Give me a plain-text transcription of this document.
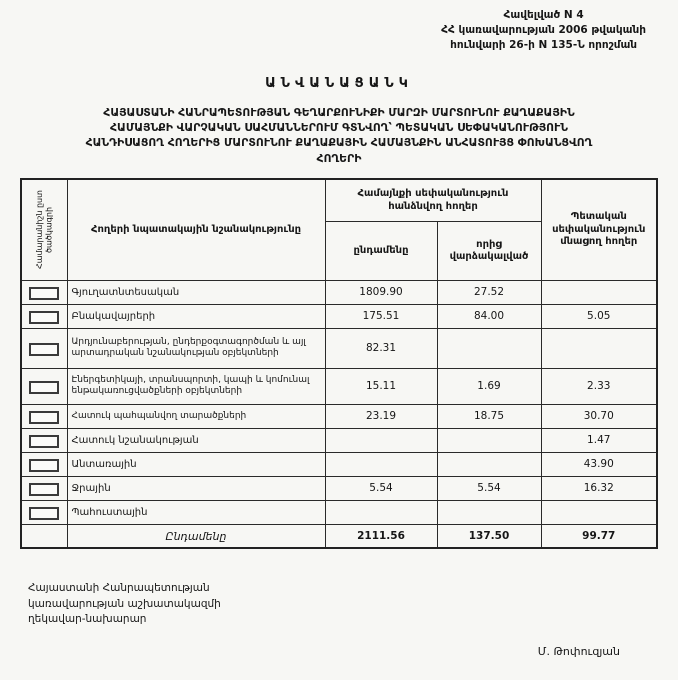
Հավելված N 4
ՀՀ կառավարության 2006 թվականի
հունվարի 26-ի N 135-Ն որոշման
ԱՆՎԱՆԱՑԱՆԿ
ՀԱՅԱՍՏԱՆԻ ՀԱՆՐԱՊԵՏՈՒԹՅԱՆ ԳԵՂԱՐՔՈՒՆԻՔԻ ՄԱՐԶԻ ՄԱՐՏՈՒՆՈՒ ՔԱՂԱՔԱՅԻՆ
ՀԱՄԱՅՆՔԻ ՎԱՐՉԱԿԱՆ ՍԱՀՄԱՆՆԵՐՈՒՄ ԳՏՆՎՈՂ՝ ՊԵՏԱԿԱՆ ՍԵՓԱԿԱՆՈՒԹՅՈՒՆ
ՀԱՆԴԻՍԱՑՈՂ ՀՈՂԵՐԻՑ ՄԱՐՏՈՒՆՈՒ ՔԱՂԱՔԱՅԻՆ ՀԱՄԱՅՆՔԻՆ ԱՆՀԱՏՈՒՅՑ ՓՈԽԱՆՑՎՈՂ
ՀՈՂԵՐԻ
Համարանիշն ըստ ծածկագրի	Հողերի նպատակային նշանակությունը	Համայնքի սեփականություն հանձնվող հողեր		Պետական սեփականություն մնացող հողեր
		ընդամենը	որից վարձակալված	
	Գյուղատնտեսական	1809.90	27.52	
	Բնակավայրերի	175.51	84.00	5.05
	Արդյունաբերության, ընդերքօգտագործման և այլ արտադրական նշանակության օբյեկտների	82.31		
	Էներգետիկայի, տրանսպորտի, կապի և կոմունալ ենթակառուցվածքների օբյեկտների	15.11	1.69	2.33
	Հատուկ պահպանվող տարածքների	23.19	18.75	30.70
	Հատուկ նշանակության			1.47
	Անտառային			43.90
	Ջրային	5.54	5.54	16.32
	Պահուստային			
	Ընդամենը	2111.56	137.50	99.77
Հայաստանի Հանրապետության
կառավարության աշխատակազմի
ղեկավար-նախարար
Մ. Թոփուզյան
